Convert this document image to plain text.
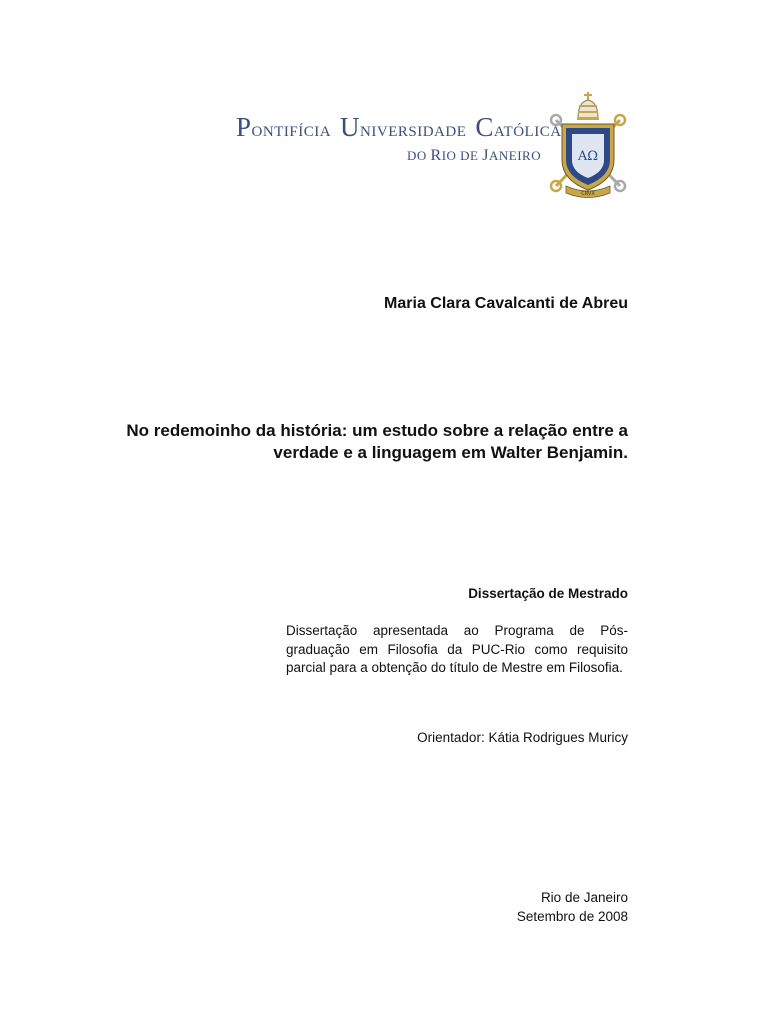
P ONTIFÍCIA U NIVERSIDADE C ATÓLICA
DO RIO DE JANEIRO	AΩ
CRVX
Maria Clara Cavalcanti de Abreu
No redemoinho da história: um estudo sobre a relação entre a verdade e a linguagem em Walter Benjamin.
Dissertação de Mestrado
Dissertação apresentada ao Programa de Pós-graduação em Filosofia da PUC-Rio como requisito parcial para a obtenção do título de Mestre em Filosofia.
Orientador: Kátia Rodrigues Muricy
Rio de Janeiro
Setembro de 2008
